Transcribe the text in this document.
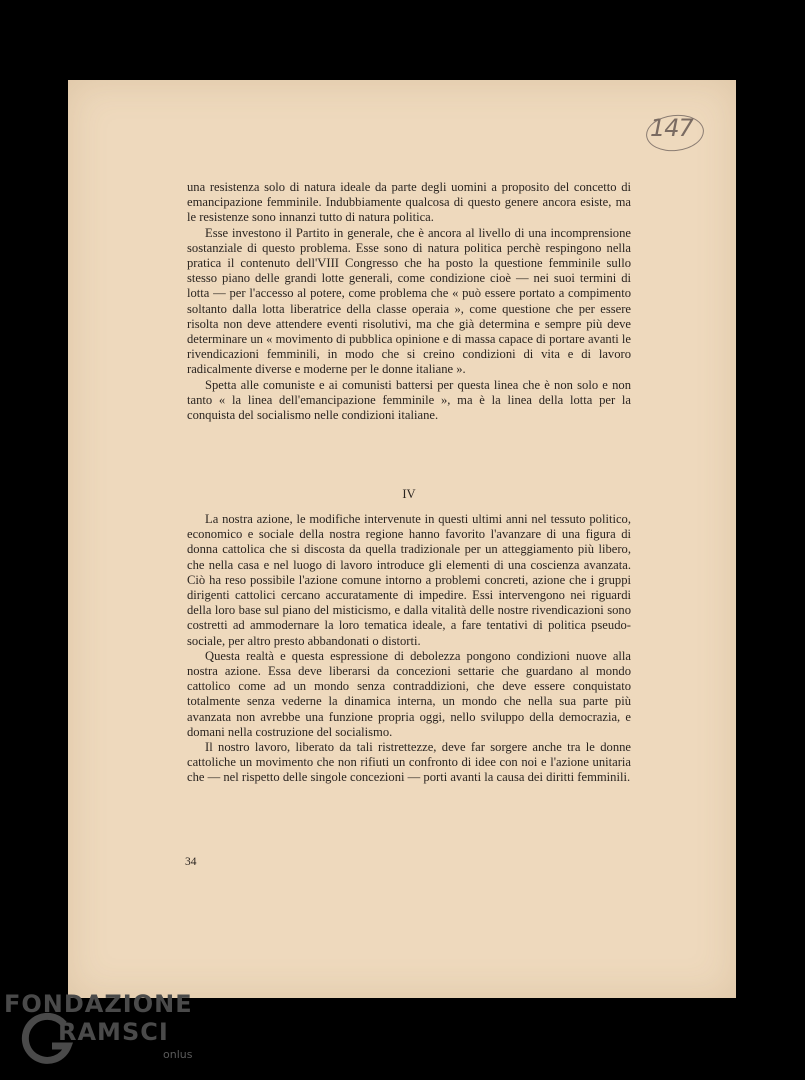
147

una resistenza solo di natura ideale da parte degli uomini a proposito del concetto di emancipazione femminile. Indubbiamente qualcosa di questo genere ancora esiste, ma le resistenze sono innanzi tutto di natura politica.

Esse investono il Partito in generale, che è ancora al livello di una incomprensione sostanziale di questo problema. Esse sono di natura politica perchè respingono nella pratica il contenuto dell'VIII Congresso che ha posto la questione femminile sullo stesso piano delle grandi lotte generali, come condizione cioè — nei suoi termini di lotta — per l'accesso al potere, come problema che « può essere portato a compimento soltanto dalla lotta liberatrice della classe operaia », come questione che per essere risolta non deve attendere eventi risolutivi, ma che già determina e sempre più deve determinare un « movimento di pubblica opinione e di massa capace di portare avanti le rivendicazioni femminili, in modo che si creino condizioni di vita e di lavoro radicalmente diverse e moderne per le donne italiane ».

Spetta alle comuniste e ai comunisti battersi per questa linea che è non solo e non tanto « la linea dell'emancipazione femminile », ma è la linea della lotta per la conquista del socialismo nelle condizioni italiane.

IV

La nostra azione, le modifiche intervenute in questi ultimi anni nel tessuto politico, economico e sociale della nostra regione hanno favorito l'avanzare di una figura di donna cattolica che si discosta da quella tradizionale per un atteggiamento più libero, che nella casa e nel luogo di lavoro introduce gli elementi di una coscienza avanzata. Ciò ha reso possibile l'azione comune intorno a problemi concreti, azione che i gruppi dirigenti cattolici cercano accuratamente di impedire. Essi intervengono nei riguardi della loro base sul piano del misticismo, e dalla vitalità delle nostre rivendicazioni sono costretti ad ammodernare la loro tematica ideale, a fare tentativi di politica pseudo-sociale, per altro presto abbandonati o distorti.

Questa realtà e questa espressione di debolezza pongono condizioni nuove alla nostra azione. Essa deve liberarsi da concezioni settarie che guardano al mondo cattolico come ad un mondo senza contraddizioni, che deve essere conquistato totalmente senza vederne la dinamica interna, un mondo che nella sua parte più avanzata non avrebbe una funzione propria oggi, nello sviluppo della democrazia, e domani nella costruzione del socialismo.

Il nostro lavoro, liberato da tali ristrettezze, deve far sorgere anche tra le donne cattoliche un movimento che non rifiuti un confronto di idee con noi e l'azione unitaria che — nel rispetto delle singole concezioni — porti avanti la causa dei diritti femminili.

34
FONDAZIONE
RAMSCI
onlus
